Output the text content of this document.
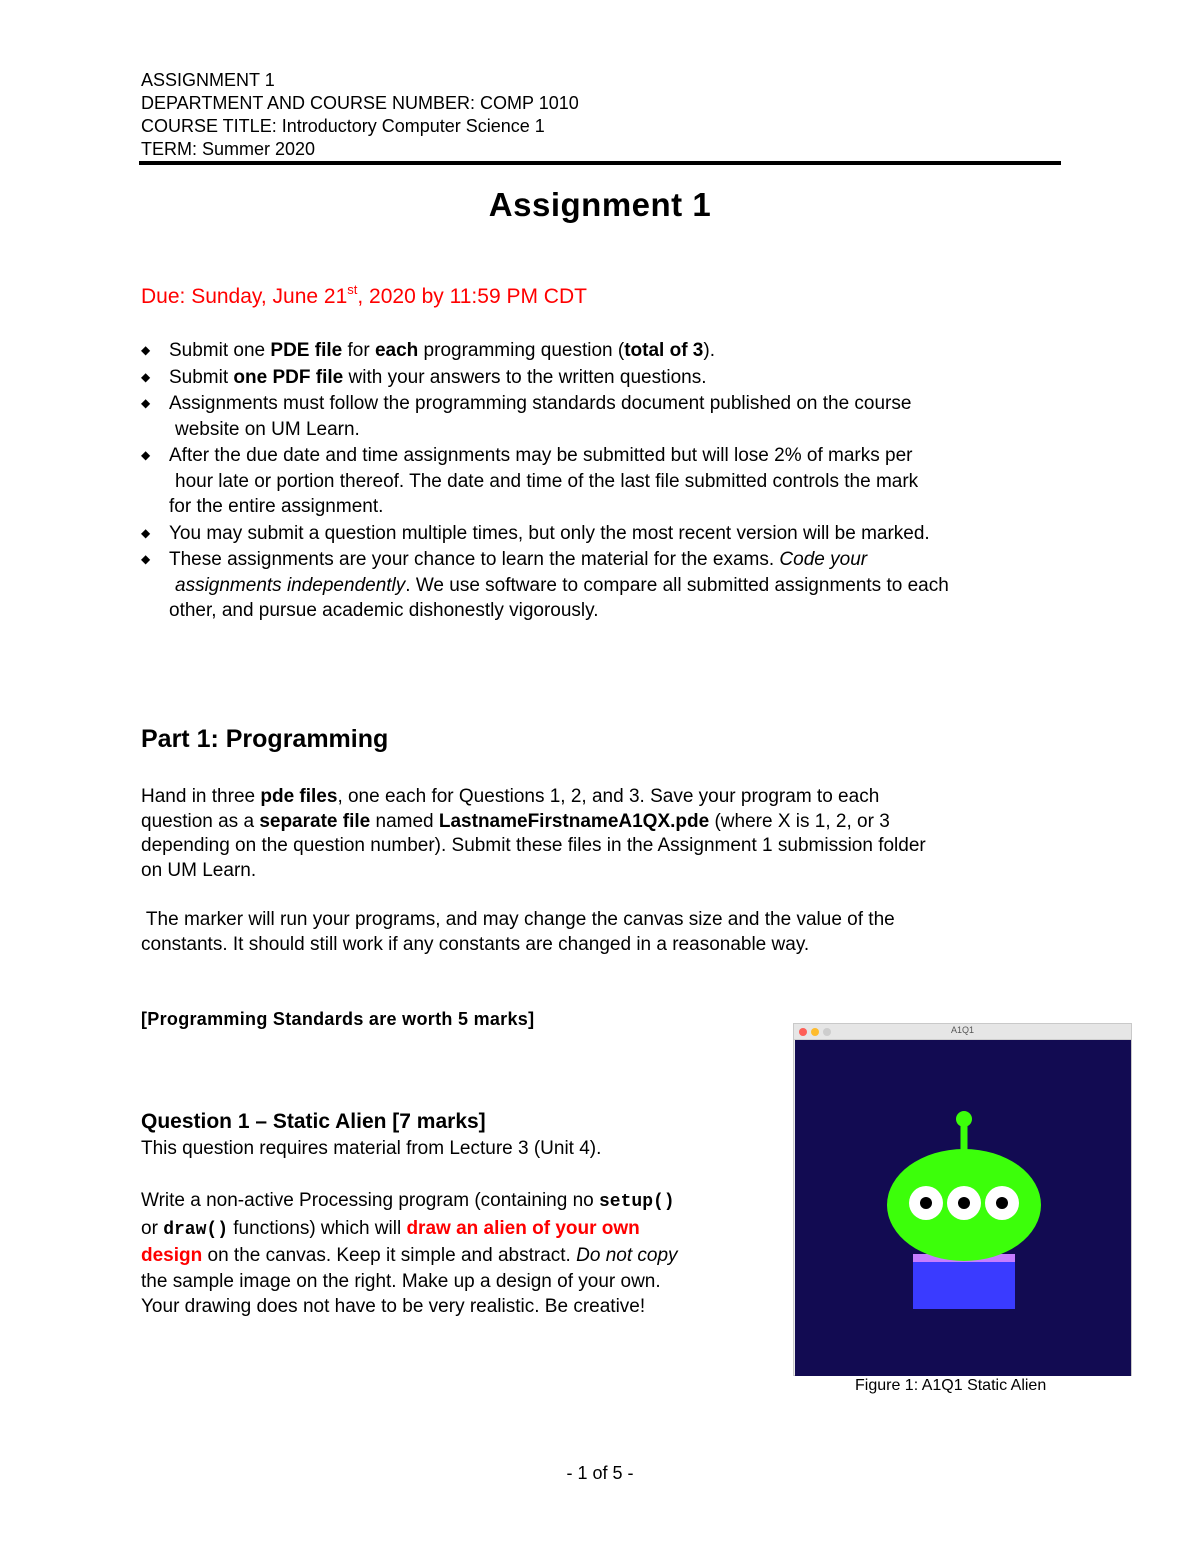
ASSIGNMENT 1
DEPARTMENT AND COURSE NUMBER: COMP 1010
COURSE TITLE: Introductory Computer Science 1
TERM: Summer 2020
Assignment 1
Due: Sunday, June 21st, 2020 by 11:59 PM CDT
◆ Submit one PDE file for each programming question (total of 3).
◆ Submit one PDF file with your answers to the written questions.
◆ Assignments must follow the programming standards document published on the course
website on UM Learn.
◆ After the due date and time assignments may be submitted but will lose 2% of marks per
hour late or portion thereof. The date and time of the last file submitted controls the mark
for the entire assignment.
◆ You may submit a question multiple times, but only the most recent version will be marked.
◆ These assignments are your chance to learn the material for the exams. Code your
assignments independently. We use software to compare all submitted assignments to each
other, and pursue academic dishonestly vigorously.
Part 1: Programming
Hand in three pde files, one each for Questions 1, 2, and 3. Save your program to each
question as a separate file named LastnameFirstnameA1QX.pde (where X is 1, 2, or 3
depending on the question number). Submit these files in the Assignment 1 submission folder
on UM Learn.
The marker will run your programs, and may change the canvas size and the value of the
constants. It should still work if any constants are changed in a reasonable way.
[Programming Standards are worth 5 marks]
Question 1 – Static Alien [7 marks]
This question requires material from Lecture 3 (Unit 4).
Write a non-active Processing program (containing no setup()
or draw() functions) which will draw an alien of your own
design on the canvas. Keep it simple and abstract. Do not copy
the sample image on the right. Make up a design of your own.
Your drawing does not have to be very realistic. Be creative!
A1Q1
Figure 1: A1Q1 Static Alien
- 1 of 5 -
